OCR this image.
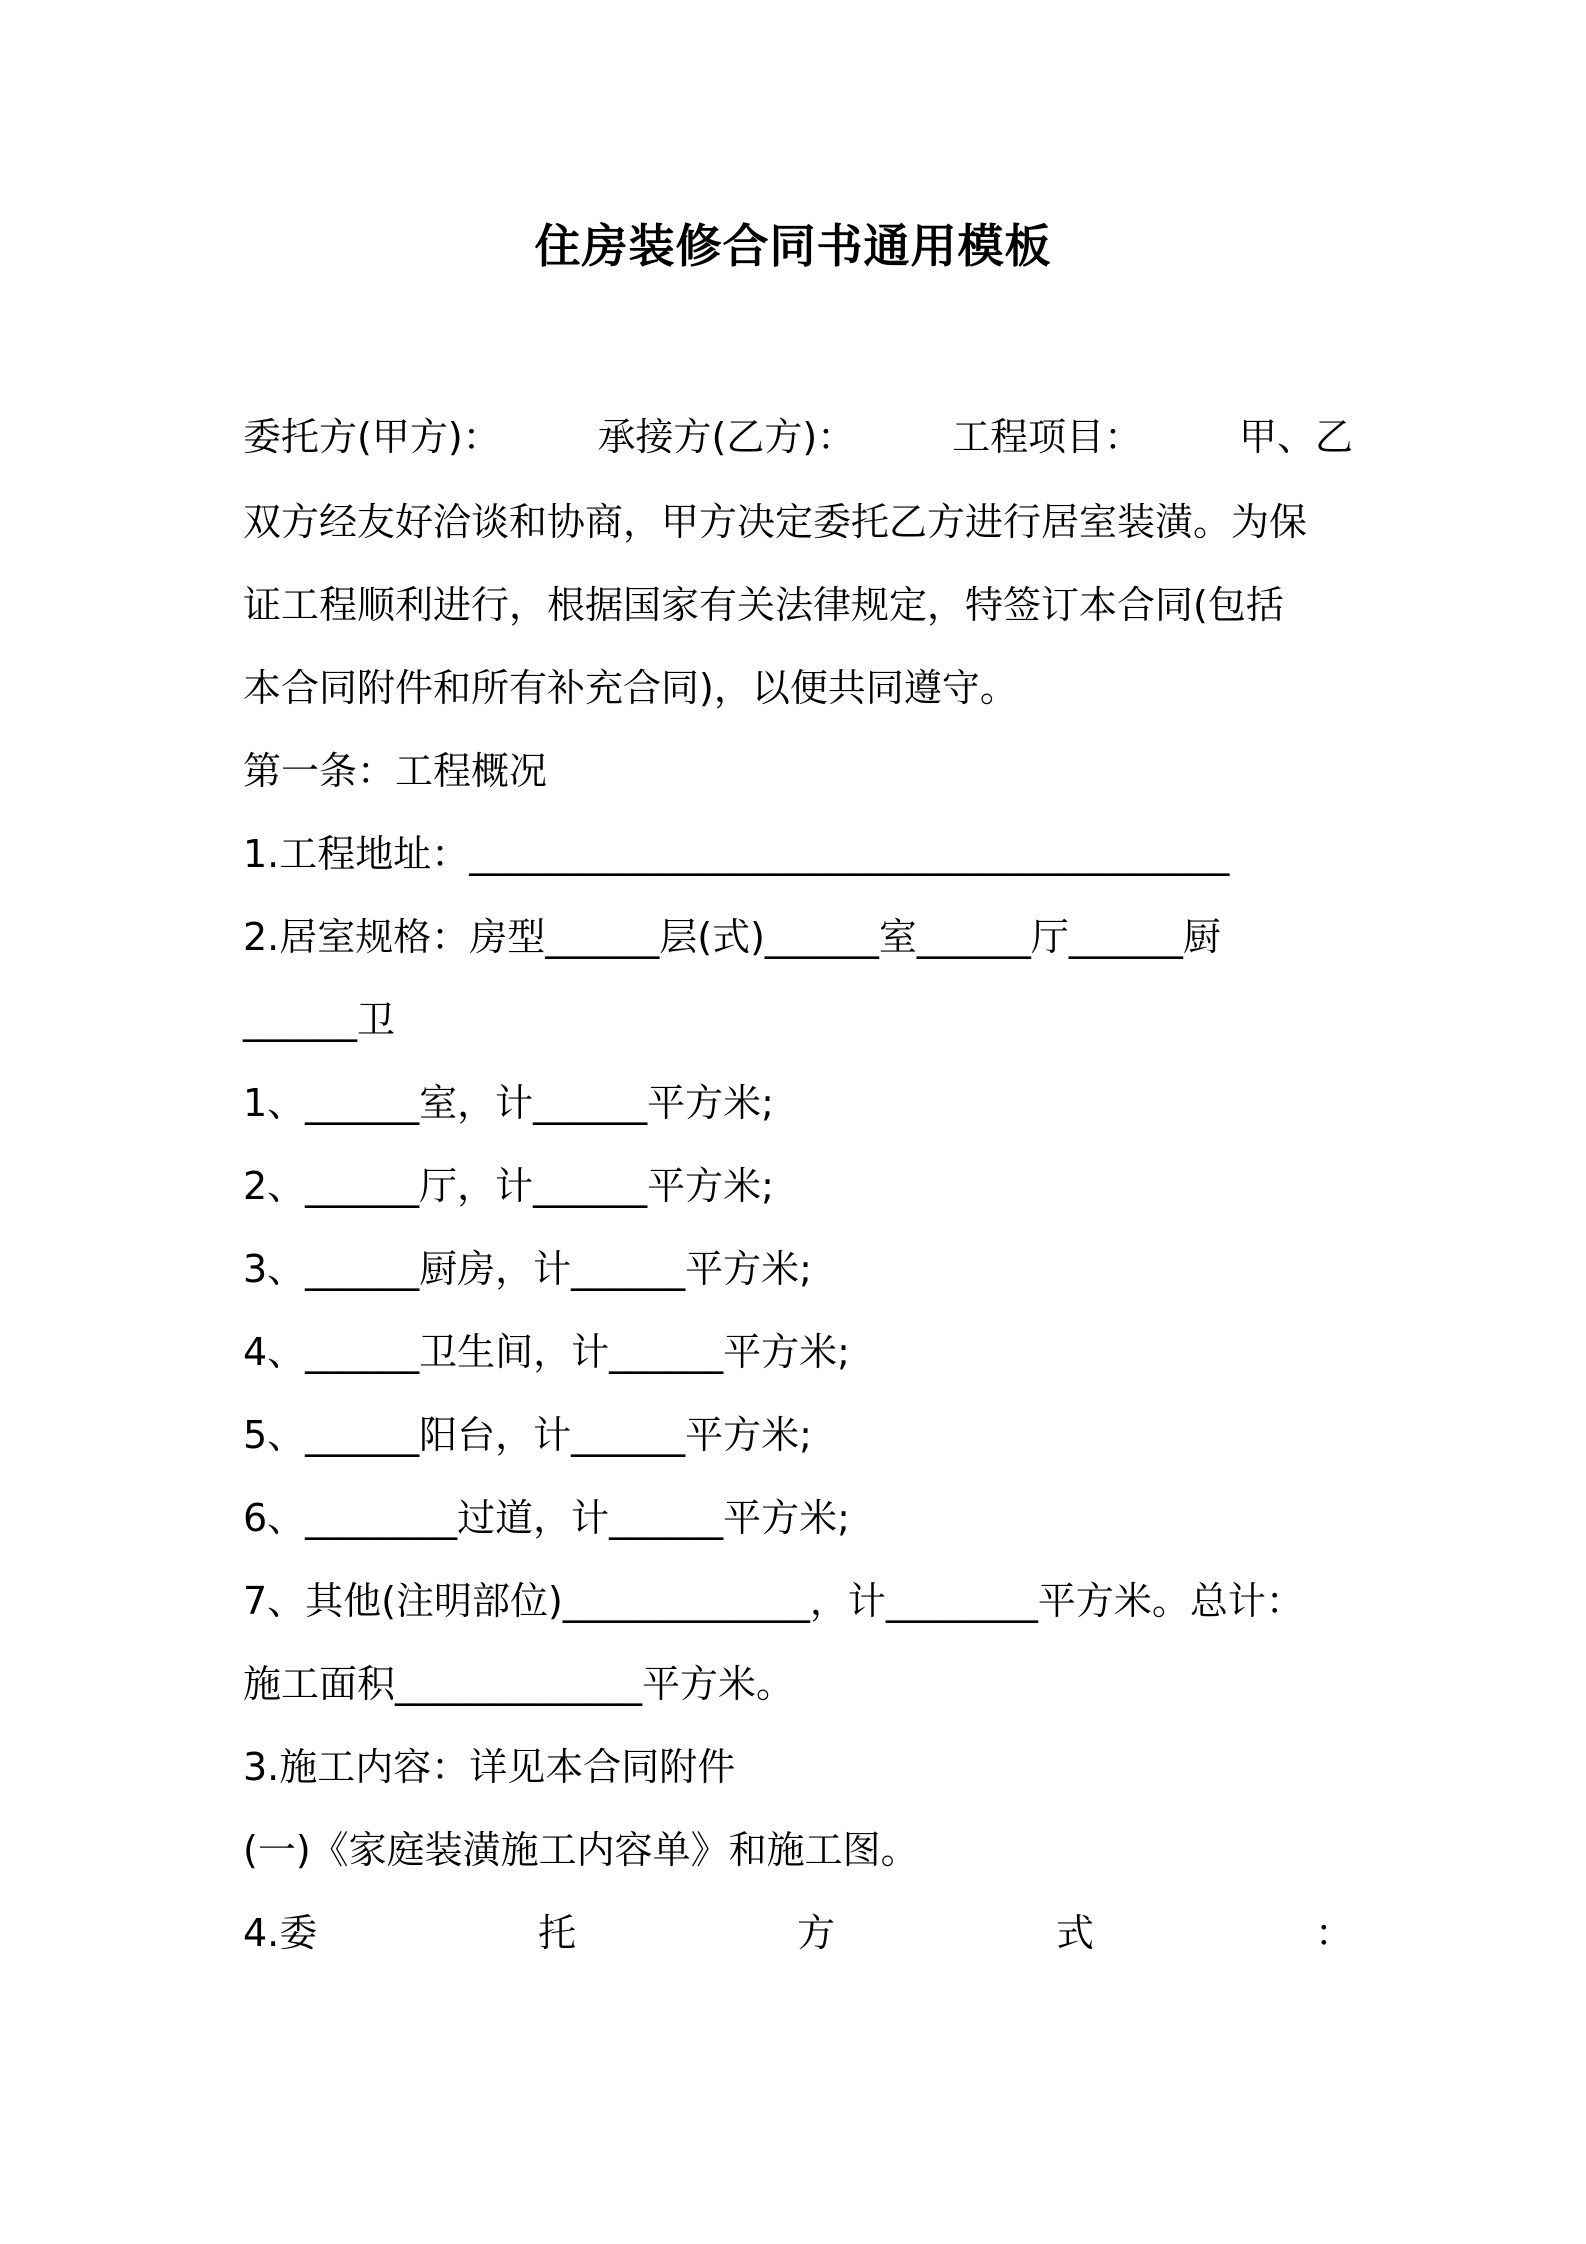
住房装修合同书通用模板
委托方(甲方)：	承接方(乙方)：	工程项目：	甲、乙
双方经友好洽谈和协商，甲方决定委托乙方进行居室装潢。为保
证工程顺利进行，根据国家有关法律规定，特签订本合同(包括
本合同附件和所有补充合同)，以便共同遵守。
第一条：工程概况
1.工程地址：________________________________________
2.居室规格：房型______层(式)______室______厅______厨
______卫
1、______室，计______平方米;
2、______厅，计______平方米;
3、______厨房，计______平方米;
4、______卫生间，计______平方米;
5、______阳台，计______平方米;
6、________过道，计______平方米;
7、其他(注明部位)_____________，计________平方米。总计：
施工面积_____________平方米。
3.施工内容：详见本合同附件
(一)《家庭装潢施工内容单》和施工图。
4.委	托	方	式	：
